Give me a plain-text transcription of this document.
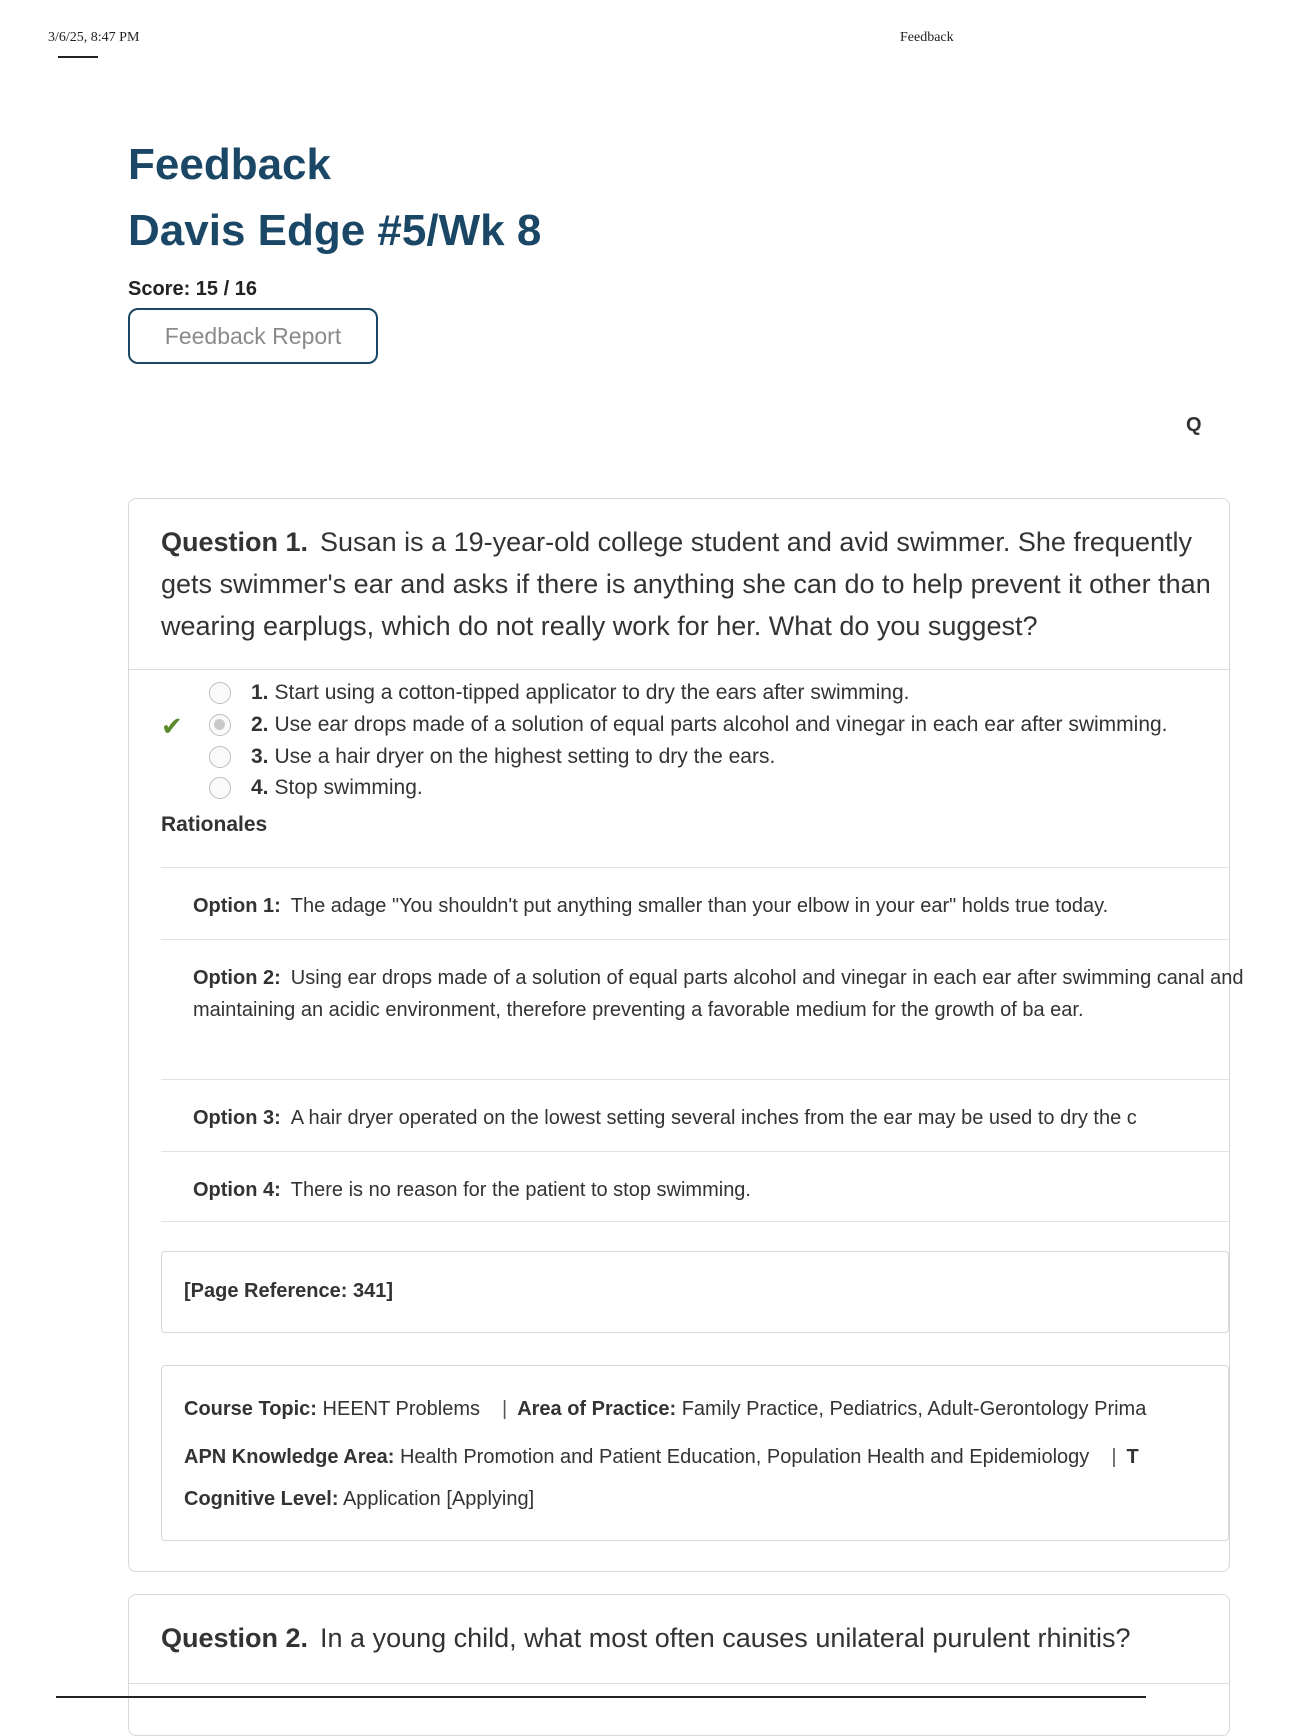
3/6/25, 8:47 PM	Feedback
Feedback
Davis Edge #5/Wk 8
Score: 15 / 16
Feedback Report
Q

Question 1. Susan is a 19-year-old college student and avid swimmer. She frequently gets swimmer's ear and asks if there is anything she can do to help prevent it other than wearing earplugs, which do not really work for her. What do you suggest?

1. Start using a cotton-tipped applicator to dry the ears after swimming.
✔	2. Use ear drops made of a solution of equal parts alcohol and vinegar in each ear after swimming.
3. Use a hair dryer on the highest setting to dry the ears.
4. Stop swimming.
Rationales
Option 1: The adage "You shouldn't put anything smaller than your elbow in your ear" holds true today.
Option 2: Using ear drops made of a solution of equal parts alcohol and vinegar in each ear after swimming canal and maintaining an acidic environment, therefore preventing a favorable medium for the growth of ba ear.
Option 3: A hair dryer operated on the lowest setting several inches from the ear may be used to dry the c
Option 4: There is no reason for the patient to stop swimming.
[Page Reference: 341]
Course Topic: HEENT Problems | Area of Practice: Family Practice, Pediatrics, Adult-Gerontology Prima
APN Knowledge Area: Health Promotion and Patient Education, Population Health and Epidemiology | T
Cognitive Level: Application [Applying]

Question 2. In a young child, what most often causes unilateral purulent rhinitis?
